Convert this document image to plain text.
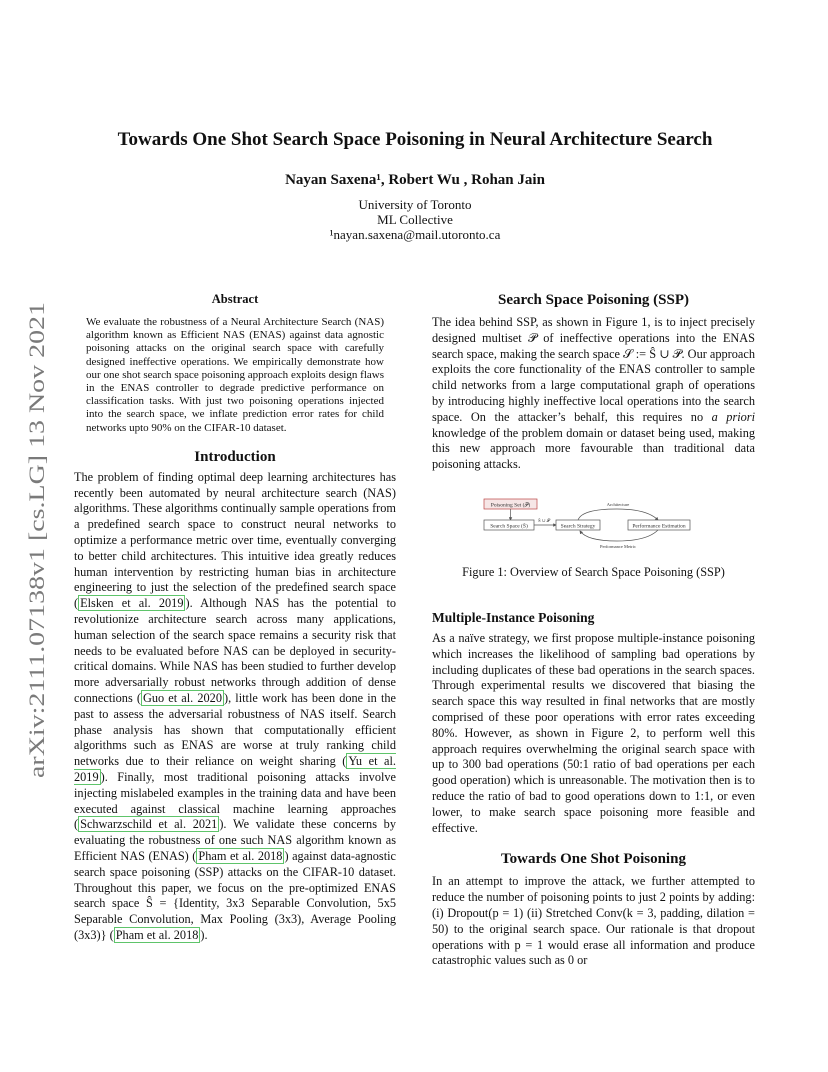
arXiv:2111.07138v1 [cs.LG] 13 Nov 2021
Towards One Shot Search Space Poisoning in Neural Architecture Search
Nayan Saxena¹, Robert Wu , Rohan Jain
University of Toronto
ML Collective
¹nayan.saxena@mail.utoronto.ca
Abstract

We evaluate the robustness of a Neural Architecture Search (NAS) algorithm known as Efficient NAS (ENAS) against data agnostic poisoning attacks on the original search space with carefully designed ineffective operations. We empirically demonstrate how our one shot search space poisoning approach exploits design flaws in the ENAS controller to degrade predictive performance on classification tasks. With just two poisoning operations injected into the search space, we inflate prediction error rates for child networks upto 90% on the CIFAR-10 dataset.

Introduction

The problem of finding optimal deep learning architectures has recently been automated by neural architecture search (NAS) algorithms. These algorithms continually sample operations from a predefined search space to construct neural networks to optimize a performance metric over time, eventually converging to better child architectures. This intuitive idea greatly reduces human intervention by restricting human bias in architecture engineering to just the selection of the predefined search space ( Elsken et al. 2019 ). Although NAS has the potential to revolutionize architecture search across many applications, human selection of the search space remains a security risk that needs to be evaluated before NAS can be deployed in security-critical domains. While NAS has been studied to further develop more adversarially robust networks through addition of dense connections ( Guo et al. 2020 ), little work has been done in the past to assess the adversarial robustness of NAS itself. Search phase analysis has shown that computationally efficient algorithms such as ENAS are worse at truly ranking child networks due to their reliance on weight sharing ( Yu et al. 2019 ). Finally, most traditional poisoning attacks involve injecting mislabeled examples in the training data and have been executed against classical machine learning approaches ( Schwarzschild et al. 2021 ). We validate these concerns by evaluating the robustness of one such NAS algorithm known as Efficient NAS (ENAS) ( Pham et al. 2018 ) against data-agnostic search space poisoning (SSP) attacks on the CIFAR-10 dataset. Throughout this paper, we focus on the pre-optimized ENAS search space Ŝ = {Identity, 3x3 Separable Convolution, 5x5 Separable Convolution, Max Pooling (3x3), Average Pooling (3x3)} ( Pham et al. 2018 ).

Search Space Poisoning (SSP)

The idea behind SSP, as shown in Figure 1, is to inject precisely designed multiset 𝒫 of ineffective operations into the ENAS search space, making the search space 𝒮 := Ŝ ∪ 𝒫. Our approach exploits the core functionality of the ENAS controller to sample child networks from a large computational graph of operations by introducing highly ineffective local operations into the search space. On the attacker’s behalf, this requires no a priori knowledge of the problem domain or dataset being used, making this new approach more favourable than traditional data poisoning attacks.

Poisoning Set (𝒫)
Search Space (Ŝ)
Ŝ ∪ 𝒫
Search Strategy
Architecture
Performance Estimation
Performance Metric

Figure 1: Overview of Search Space Poisoning (SSP)

Multiple-Instance Poisoning

As a naïve strategy, we first propose multiple-instance poisoning which increases the likelihood of sampling bad operations by including duplicates of these bad operations in the search spaces. Through experimental results we discovered that biasing the search space this way resulted in final networks that are mostly comprised of these poor operations with error rates exceeding 80%. However, as shown in Figure 2, to perform well this approach requires overwhelming the original search space with up to 300 bad operations (50:1 ratio of bad operations per each good operation) which is unreasonable. The motivation then is to reduce the ratio of bad to good operations down to 1:1, or even lower, to make search space poisoning more feasible and effective.

Towards One Shot Poisoning

In an attempt to improve the attack, we further attempted to reduce the number of poisoning points to just 2 points by adding: (i) Dropout(p = 1) (ii) Stretched Conv(k = 3, padding, dilation = 50) to the original search space. Our rationale is that dropout operations with p = 1 would erase all information and produce catastrophic values such as 0 or
